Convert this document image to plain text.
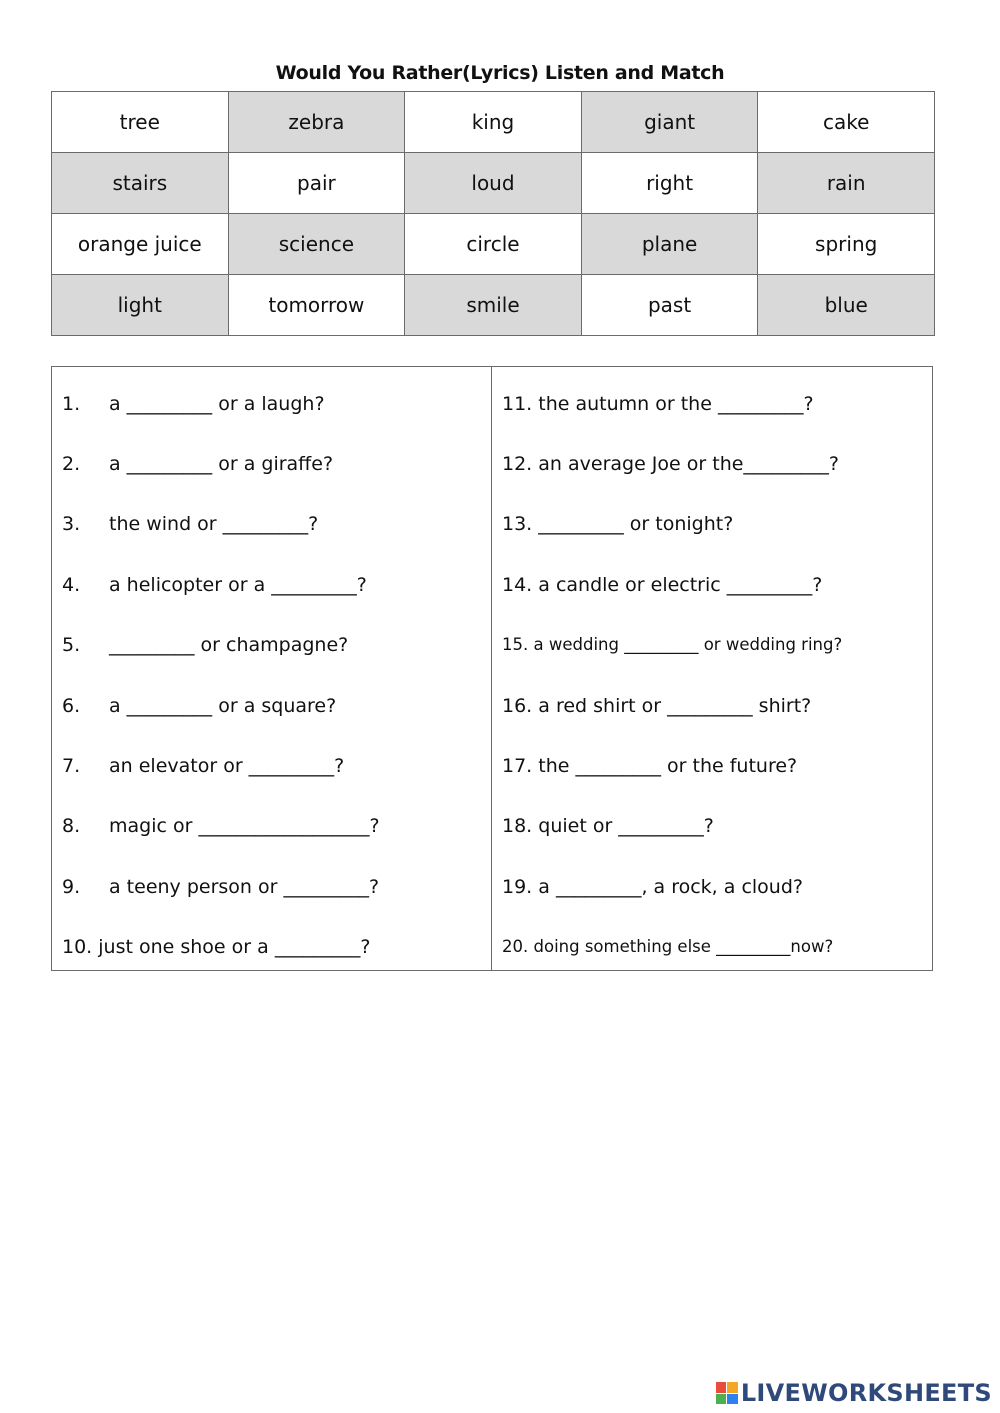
Would You Rather(Lyrics) Listen and Match
tree	zebra	king	giant	cake
stairs	pair	loud	right	rain
orange juice	science	circle	plane	spring
light	tomorrow	smile	past	blue
1. a _________ or a laugh?
2. a _________ or a giraffe?
3. the wind or _________?
4. a helicopter or a _________?
5. _________ or champagne?
6. a _________ or a square?
7. an elevator or _________?
8. magic or __________________?
9. a teeny person or _________?
10. just one shoe or a _________?
11. the autumn or the _________?
12. an average Joe or the_________?
13. _________ or tonight?
14. a candle or electric _________?
15. a wedding _________ or wedding ring?
16. a red shirt or _________ shirt?
17. the _________ or the future?
18. quiet or _________?
19. a _________, a rock, a cloud?
20. doing something else _________now?
LIVEWORKSHEETS
